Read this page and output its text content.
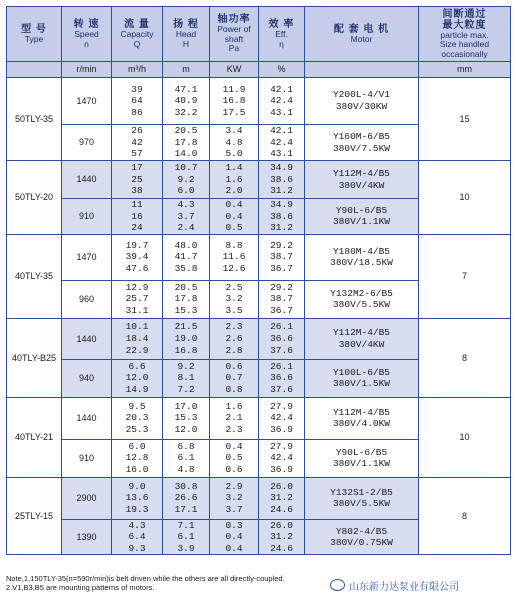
型 号
Type	转 速
Speed
n	流 量
Capacity
Q	扬 程
Head
H	轴功率
Power of
shaft
Pa	效 率
Eff.
η	配 套 电 机
Motor	间断通过
最大粒度
particle max.
Size handled
occasionally

	r/min	m³/h	m	KW	%		mm
50TLY-35	1470	39
64
86	47.1
40.9
32.2	11.9
16.8
17.5	42.1
42.4
43.1	Y200L-4/V1
380V/30KW	15
	970	26
42
57	20.5
17.8
14.0	3.4
4.8
5.0	42.1
42.4
43.1	Y160M-6/B5
380V/7.5KW	

50TLY-20	1440	17
25
38	10.7
9.2
6.0	1.4
1.6
2.0	34.9
38.6
31.2	Y112M-4/B5
380V/4KW	10
	910	11
16
24	4.3
3.7
2.4	0.4
0.4
0.5	34.9
38.6
31.2	Y90L-6/B5
380V/1.1KW	

40TLY-35	1470	19.7
39.4
47.6	48.0
41.7
35.8	8.8
11.6
12.6	29.2
38.7
36.7	Y180M-4/B5
380V/18.5KW	7
	960	12.9
25.7
31.1	20.5
17.8
15.3	2.5
3.2
3.5	29.2
38.7
36.7	Y132M2-6/B5
380V/5.5KW	

40TLY-B25	1440	10.1
18.4
22.9	21.5
19.0
16.8	2.3
2.6
2.8	26.1
36.6
37.6	Y112M-4/B5
380V/4KW	8
	940	6.6
12.0
14.9	9.2
8.1
7.2	0.6
0.7
0.8	26.1
36.6
37.6	Y100L-6/B5
380V/1.5KW	

40TLY-21	1440	9.5
20.3
25.3	17.0
15.3
12.0	1.6
2.1
2.3	27.9
42.4
36.9	Y112M-4/B5
380V/4.0KW	10
	910	6.0
12.8
16.0	6.8
6.1
4.8	0.4
0.5
0.6	27.9
42.4
36.9	Y90L-6/B5
380V/1.1KW	

25TLY-15	2900	9.0
13.6
19.3	30.8
26.6
17.1	2.9
3.2
3.7	26.0
31.2
24.6	Y132S1-2/B5
380V/5.5KW	8
	1390	4.3
6.4
9.3	7.1
6.1
3.9	0.3
0.4
0.4	26.0
31.2
24.6	Y802-4/B5
380V/0.75KW	
Note,1.150TLY-35(n=590r/min)is belt driven while the others are all directly-coupled.
2.V1,B3,B5 are mounting patterns of motors.	山东新力达泵业有限公司
